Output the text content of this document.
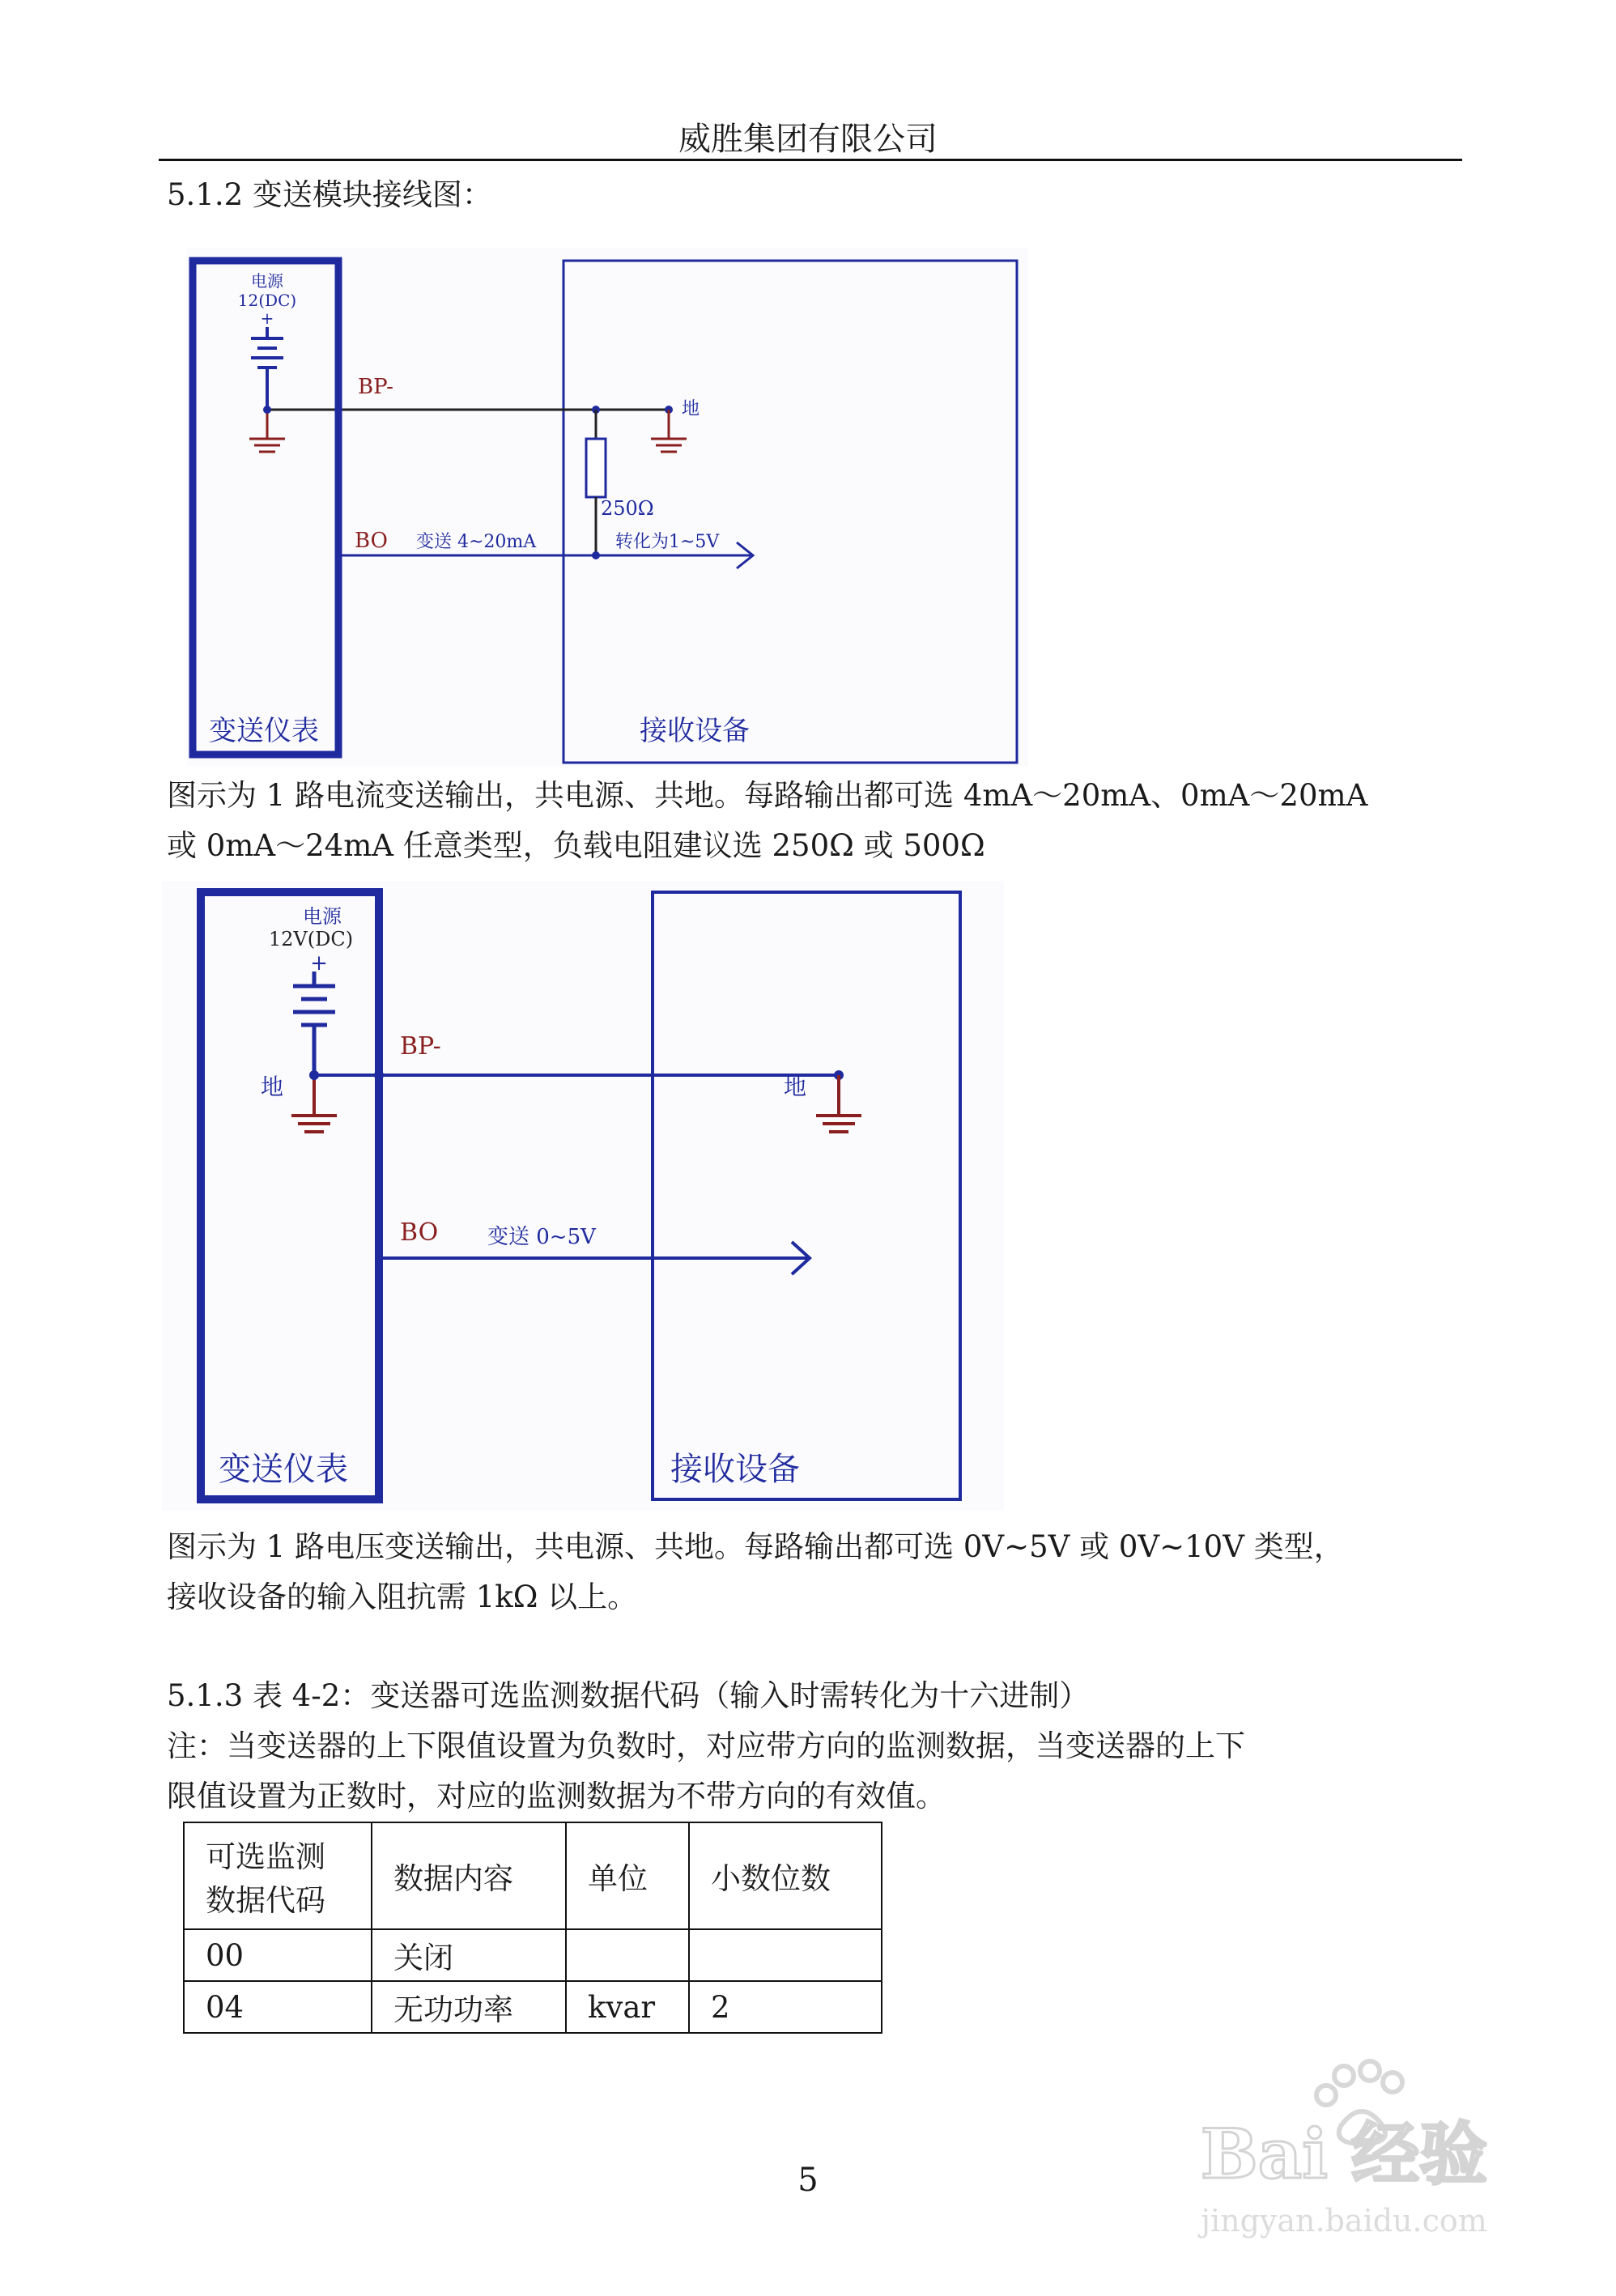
威胜集团有限公司
5.1.2 变送模块接线图：
电源
12(DC)
+
BP-
地
250Ω
BO 变送 4~20mA	转化为1~5V
变送仪表	接收设备
图示为 1 路电流变送输出，共电源、共地。每路输出都可选 4mA～20mA、0mA～20mA
或 0mA～24mA 任意类型，负载电阻建议选 250Ω 或 500Ω
电源
12V(DC)
+
地
BP-
地
BO 变送 0~5V
变送仪表	接收设备
图示为 1 路电压变送输出，共电源、共地。每路输出都可选 0V~5V 或 0V~10V 类型，
接收设备的输入阻抗需 1kΩ 以上。
5.1.3 表 4-2：变送器可选监测数据代码（输入时需转化为十六进制）
注：当变送器的上下限值设置为负数时，对应带方向的监测数据，当变送器的上下
限值设置为正数时，对应的监测数据为不带方向的有效值。
可选监测
数据代码	数据内容	单位	小数位数
00	关闭		
04	无功功率	kvar	2
Bai 经验
jingyan.baidu.com
5
